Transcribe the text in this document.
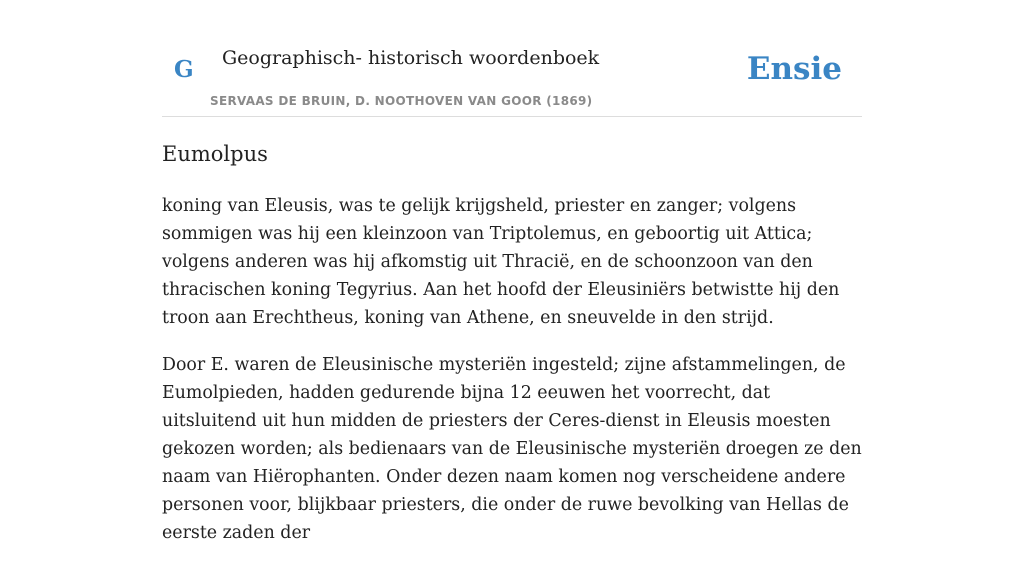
G Geographisch- historisch woordenboek
SERVAAS DE BRUIN, D. NOOTHOVEN VAN GOOR (1869)
Ensie
Eumolpus

koning van Eleusis, was te gelijk krijgsheld, priester en zanger; volgens sommigen was hij een kleinzoon van Triptolemus, en geboortig uit Attica; volgens anderen was hij afkomstig uit Thracië, en de schoonzoon van den thracischen koning Tegyrius. Aan het hoofd der Eleusiniërs betwistte hij den troon aan Erechtheus, koning van Athene, en sneuvelde in den strijd.

Door E. waren de Eleusinische mysteriën ingesteld; zijne afstammelingen, de Eumolpieden, hadden gedurende bijna 12 eeuwen het voorrecht, dat uitsluitend uit hun midden de priesters der Ceres-dienst in Eleusis moesten gekozen worden; als bedienaars van de Eleusinische mysteriën droegen ze den naam van Hiërophanten. Onder dezen naam komen nog verscheidene andere personen voor, blijkbaar priesters, die onder de ruwe bevolking van Hellas de eerste zaden der
